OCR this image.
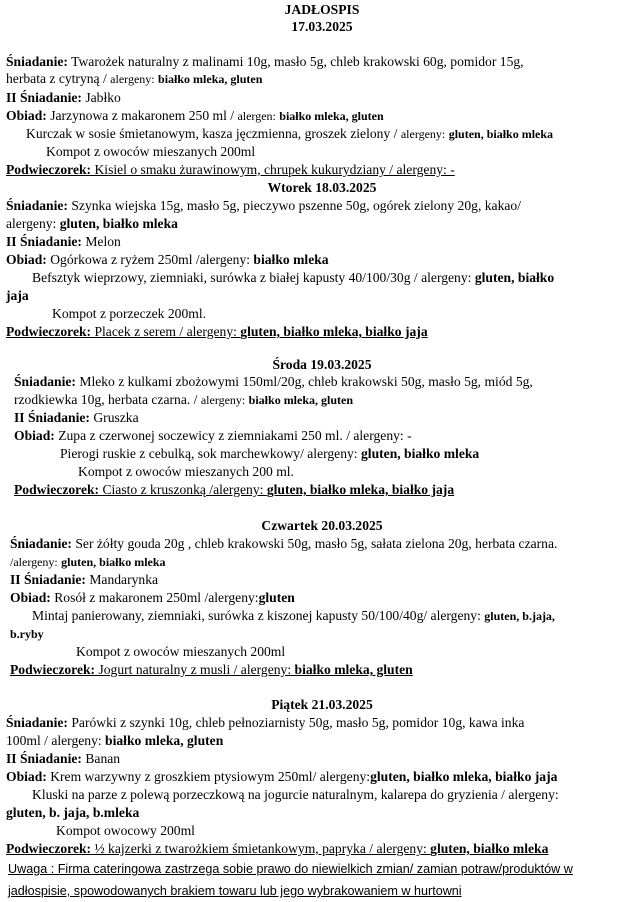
JADŁOSPIS
17.03.2025
Śniadanie: Twarożek naturalny z malinami 10g, masło 5g, chleb krakowski 60g, pomidor 15g,
herbata z cytryną / alergeny: białko mleka, gluten
II Śniadanie: Jabłko
Obiad: Jarzynowa z makaronem 250 ml / alergen: białko mleka, gluten
Kurczak w sosie śmietanowym, kasza jęczmienna, groszek zielony / alergeny: gluten, białko mleka
Kompot z owoców mieszanych 200ml
Podwieczorek: Kisiel o smaku żurawinowym, chrupek kukurydziany / alergeny: -
Wtorek 18.03.2025
Śniadanie: Szynka wiejska 15g, masło 5g, pieczywo pszenne 50g, ogórek zielony 20g, kakao/
alergeny: gluten, białko mleka
II Śniadanie: Melon
Obiad: Ogórkowa z ryżem 250ml /alergeny: białko mleka
Befsztyk wieprzowy, ziemniaki, surówka z białej kapusty 40/100/30g / alergeny: gluten, białko
jaja
Kompot z porzeczek 200ml.
Podwieczorek: Placek z serem / alergeny: gluten, białko mleka, białko jaja
Środa 19.03.2025
Śniadanie: Mleko z kulkami zbożowymi 150ml/20g, chleb krakowski 50g, masło 5g, miód 5g,
rzodkiewka 10g, herbata czarna. / alergeny: białko mleka, gluten
II Śniadanie: Gruszka
Obiad: Zupa z czerwonej soczewicy z ziemniakami 250 ml. / alergeny: -
Pierogi ruskie z cebulką, sok marchewkowy/ alergeny: gluten, białko mleka
Kompot z owoców mieszanych 200 ml.
Podwieczorek: Ciasto z kruszonką /alergeny: gluten, białko mleka, białko jaja
Czwartek 20.03.2025
Śniadanie: Ser żółty gouda 20g , chleb krakowski 50g, masło 5g, sałata zielona 20g, herbata czarna.
/alergeny: gluten, białko mleka
II Śniadanie: Mandarynka
Obiad: Rosół z makaronem 250ml /alergeny:gluten
Mintaj panierowany, ziemniaki, surówka z kiszonej kapusty 50/100/40g/ alergeny: gluten, b.jaja,
b.ryby
Kompot z owoców mieszanych 200ml
Podwieczorek: Jogurt naturalny z musli / alergeny: białko mleka, gluten
Piątek 21.03.2025
Śniadanie: Parówki z szynki 10g, chleb pełnoziarnisty 50g, masło 5g, pomidor 10g, kawa inka
100ml / alergeny: białko mleka, gluten
II Śniadanie: Banan
Obiad: Krem warzywny z groszkiem ptysiowym 250ml/ alergeny:gluten, białko mleka, białko jaja
Kluski na parze z polewą porzeczkową na jogurcie naturalnym, kalarepa do gryzienia / alergeny:
gluten, b. jaja, b.mleka
Kompot owocowy 200ml
Podwieczorek: ½ kajzerki z twarożkiem śmietankowym, papryka / alergeny: gluten, białko mleka
Uwaga : Firma cateringowa zastrzega sobie prawo do niewielkich zmian/ zamian potraw/produktów w
jadłospisie, spowodowanych brakiem towaru lub jego wybrakowaniem w hurtowni
